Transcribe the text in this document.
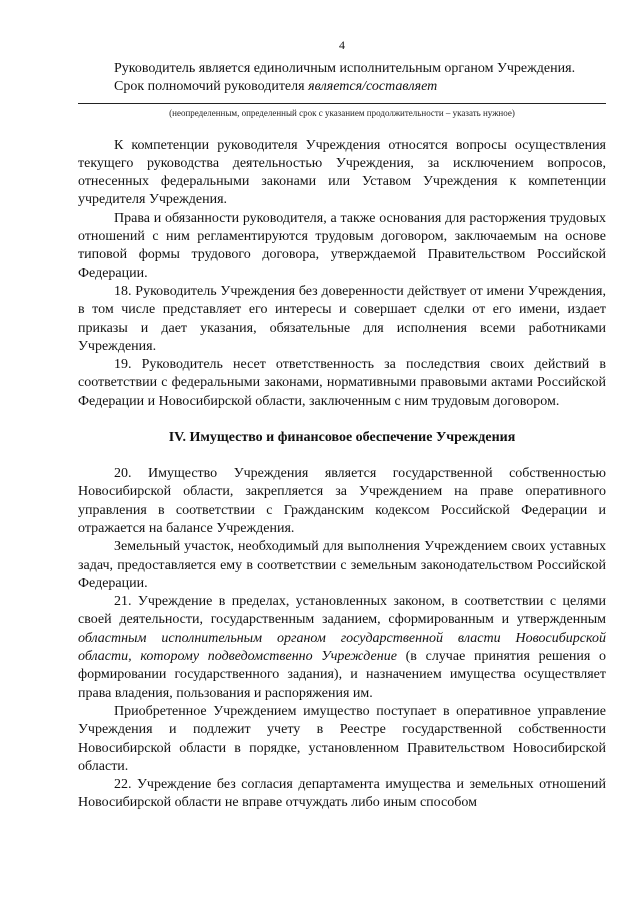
4

Руководитель является единоличным исполнительным органом Учреждения.

Срок полномочий руководителя является/составляет

(неопределенным, определенный срок с указанием продолжительности – указать нужное)

К компетенции руководителя Учреждения относятся вопросы осуществления текущего руководства деятельностью Учреждения, за исключением вопросов, отнесенных федеральными законами или Уставом Учреждения к компетенции учредителя Учреждения.

Права и обязанности руководителя, а также основания для расторжения трудовых отношений с ним регламентируются трудовым договором, заключаемым на основе типовой формы трудового договора, утверждаемой Правительством Российской Федерации.

18. Руководитель Учреждения без доверенности действует от имени Учреждения, в том числе представляет его интересы и совершает сделки от его имени, издает приказы и дает указания, обязательные для исполнения всеми работниками Учреждения.

19. Руководитель несет ответственность за последствия своих действий в соответствии с федеральными законами, нормативными правовыми актами Российской Федерации и Новосибирской области, заключенным с ним трудовым договором.

IV. Имущество и финансовое обеспечение Учреждения

20. Имущество Учреждения является государственной собственностью Новосибирской области, закрепляется за Учреждением на праве оперативного управления в соответствии с Гражданским кодексом Российской Федерации и отражается на балансе Учреждения.

Земельный участок, необходимый для выполнения Учреждением своих уставных задач, предоставляется ему в соответствии с земельным законодательством Российской Федерации.

21. Учреждение в пределах, установленных законом, в соответствии с целями своей деятельности, государственным заданием, сформированным и утвержденным областным исполнительным органом государственной власти Новосибирской области, которому подведомственно Учреждение (в случае принятия решения о формировании государственного задания), и назначением имущества осуществляет права владения, пользования и распоряжения им.

Приобретенное Учреждением имущество поступает в оперативное управление Учреждения и подлежит учету в Реестре государственной собственности Новосибирской области в порядке, установленном Правительством Новосибирской области.

22. Учреждение без согласия департамента имущества и земельных отношений Новосибирской области не вправе отчуждать либо иным способом
